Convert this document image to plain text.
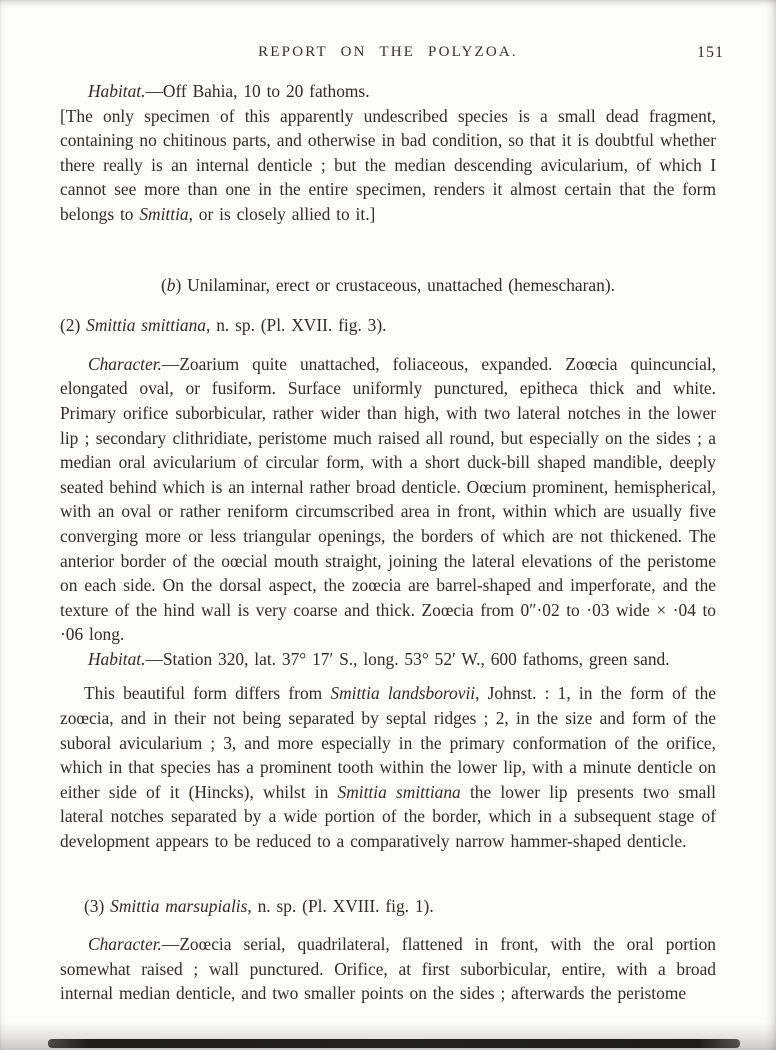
REPORT ON THE POLYZOA.	151

Habitat.—Off Bahia, 10 to 20 fathoms.

[The only specimen of this apparently undescribed species is a small dead fragment, containing no chitinous parts, and otherwise in bad condition, so that it is doubtful whether there really is an internal denticle ; but the median descending avicularium, of which I cannot see more than one in the entire specimen, renders it almost certain that the form belongs to Smittia, or is closely allied to it.]

(b) Unilaminar, erect or crustaceous, unattached (hemescharan).

(2) Smittia smittiana, n. sp. (Pl. XVII. fig. 3).

Character.—Zoarium quite unattached, foliaceous, expanded. Zoœcia quincuncial, elongated oval, or fusiform. Surface uniformly punctured, epitheca thick and white. Primary orifice suborbicular, rather wider than high, with two lateral notches in the lower lip ; secondary clithridiate, peristome much raised all round, but especially on the sides ; a median oral avicularium of circular form, with a short duck-bill shaped mandible, deeply seated behind which is an internal rather broad denticle. Oœcium prominent, hemispherical, with an oval or rather reniform circumscribed area in front, within which are usually five converging more or less triangular openings, the borders of which are not thickened. The anterior border of the oœcial mouth straight, joining the lateral elevations of the peristome on each side. On the dorsal aspect, the zoœcia are barrel-shaped and imperforate, and the texture of the hind wall is very coarse and thick. Zoœcia from 0″·02 to ·03 wide × ·04 to ·06 long.

Habitat.—Station 320, lat. 37° 17′ S., long. 53° 52′ W., 600 fathoms, green sand.

This beautiful form differs from Smittia landsborovii, Johnst. : 1, in the form of the zoœcia, and in their not being separated by septal ridges ; 2, in the size and form of the suboral avicularium ; 3, and more especially in the primary conformation of the orifice, which in that species has a prominent tooth within the lower lip, with a minute denticle on either side of it (Hincks), whilst in Smittia smittiana the lower lip presents two small lateral notches separated by a wide portion of the border, which in a subsequent stage of development appears to be reduced to a comparatively narrow hammer-shaped denticle.

(3) Smittia marsupialis, n. sp. (Pl. XVIII. fig. 1).

Character.—Zoœcia serial, quadrilateral, flattened in front, with the oral portion somewhat raised ; wall punctured. Orifice, at first suborbicular, entire, with a broad internal median denticle, and two smaller points on the sides ; afterwards the peristome
